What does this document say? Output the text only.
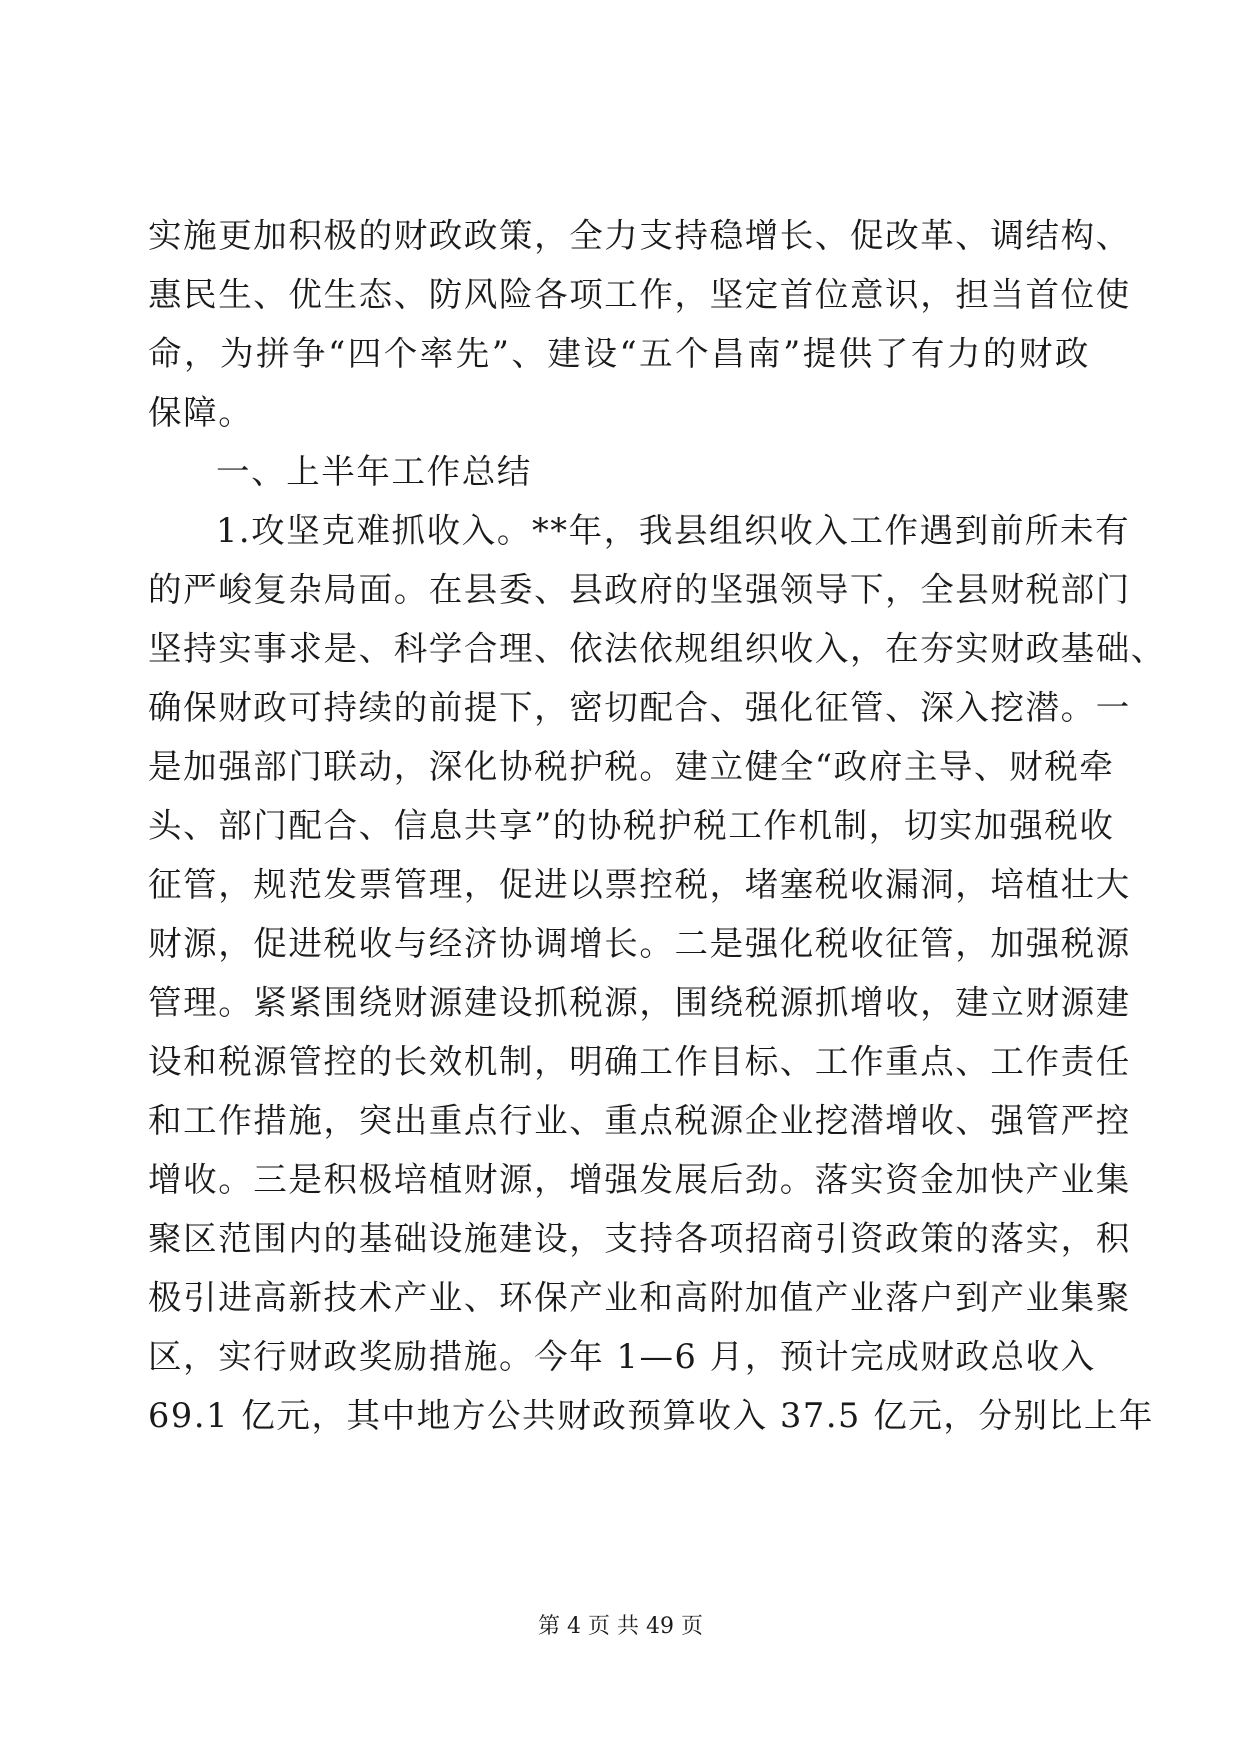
实施更加积极的财政政策，全力支持稳增长、促改革、调结构、
惠民生、优生态、防风险各项工作，坚定首位意识，担当首位使
命，为拼争“四个率先”、建设“五个昌南”提供了有力的财政
保障。
一、上半年工作总结
1.攻坚克难抓收入。**年，我县组织收入工作遇到前所未有
的严峻复杂局面。在县委、县政府的坚强领导下，全县财税部门
坚持实事求是、科学合理、依法依规组织收入，在夯实财政基础、
确保财政可持续的前提下，密切配合、强化征管、深入挖潜。一
是加强部门联动，深化协税护税。建立健全“政府主导、财税牵
头、部门配合、信息共享”的协税护税工作机制，切实加强税收
征管，规范发票管理，促进以票控税，堵塞税收漏洞，培植壮大
财源，促进税收与经济协调增长。二是强化税收征管，加强税源
管理。紧紧围绕财源建设抓税源，围绕税源抓增收，建立财源建
设和税源管控的长效机制，明确工作目标、工作重点、工作责任
和工作措施，突出重点行业、重点税源企业挖潜增收、强管严控
增收。三是积极培植财源，增强发展后劲。落实资金加快产业集
聚区范围内的基础设施建设，支持各项招商引资政策的落实，积
极引进高新技术产业、环保产业和高附加值产业落户到产业集聚
区，实行财政奖励措施。今年 1—6 月，预计完成财政总收入
69.1 亿元，其中地方公共财政预算收入 37.5 亿元，分别比上年
第 4 页 共 49 页
